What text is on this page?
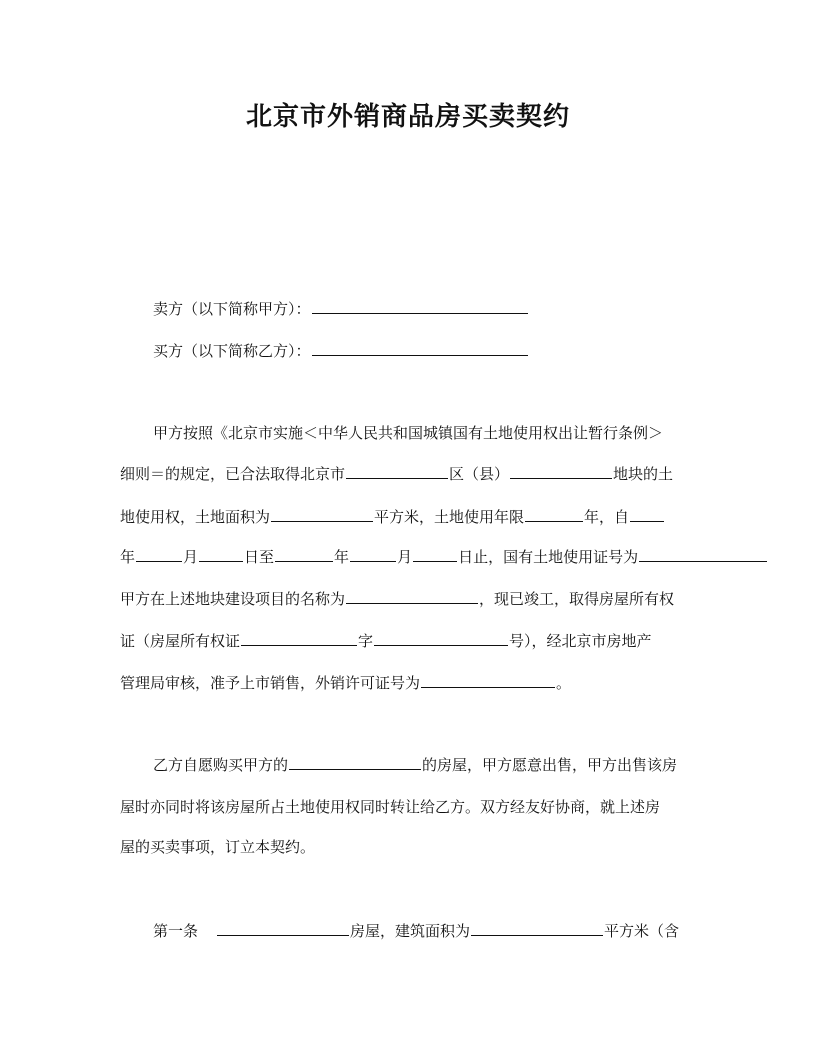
北京市外销商品房买卖契约
卖方（以下简称甲方）：
买方（以下简称乙方）：
甲方按照《北京市实施＜中华人民共和国城镇国有土地使用权出让暂行条例＞
细则＝的规定，已合法取得北京市	区（县）	地块的土
地使用权，土地面积为	平方米，土地使用年限	年，自
年	月	日至	年	月	日止，国有土地使用证号为
甲方在上述地块建设项目的名称为	，现已竣工，取得房屋所有权
证（房屋所有权证	字	号），经北京市房地产
管理局审核，准予上市销售，外销许可证号为	。
乙方自愿购买甲方的	的房屋，甲方愿意出售，甲方出售该房
屋时亦同时将该房屋所占土地使用权同时转让给乙方。双方经友好协商，就上述房
屋的买卖事项，订立本契约。
第一条	房屋，建筑面积为	平方米（含
